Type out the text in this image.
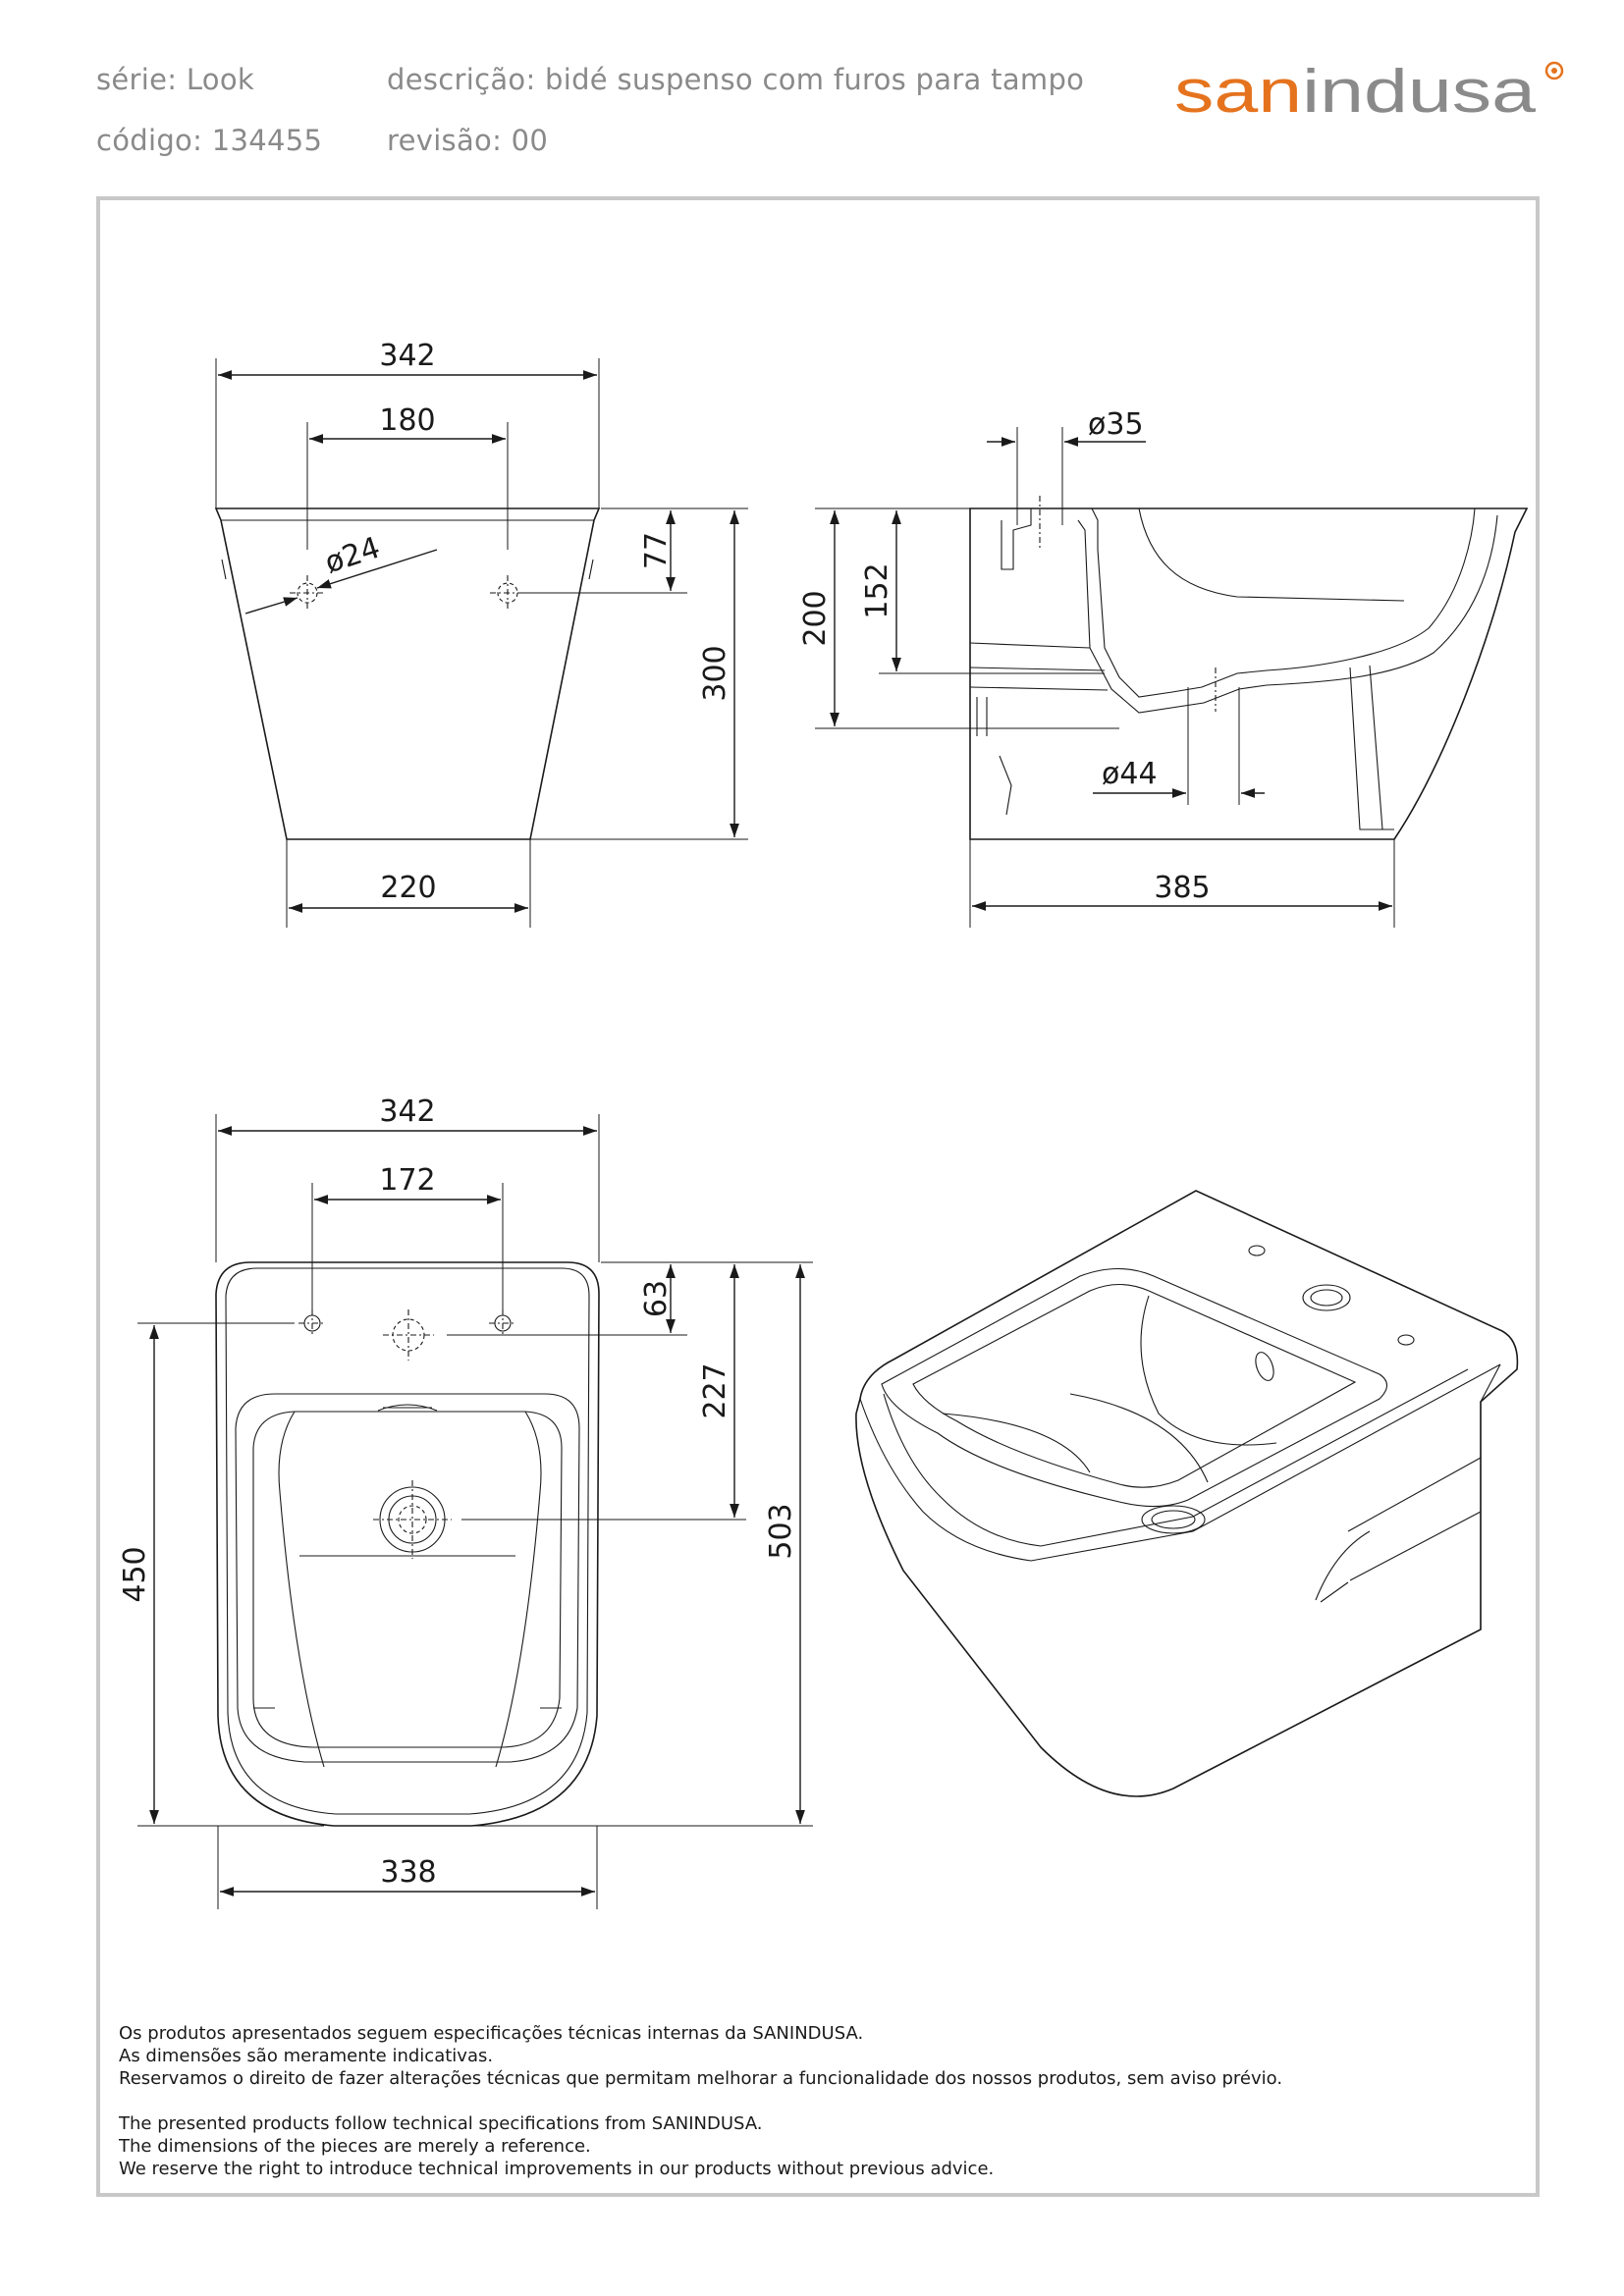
série: Look	descrição: bidé suspenso com furos para tampo
código: 134455 revisão: 00
san indusa
342
180
ø24	77
300
220
ø35
200 152
ø44
385
342
172
63
227
503
450
338
Os produtos apresentados seguem especificações técnicas internas da SANINDUSA.
As dimensões são meramente indicativas.
Reservamos o direito de fazer alterações técnicas que permitam melhorar a funcionalidade dos nossos produtos, sem aviso prévio.
The presented products follow technical specifications from SANINDUSA.
The dimensions of the pieces are merely a reference.
We reserve the right to introduce technical improvements in our products without previous advice.
